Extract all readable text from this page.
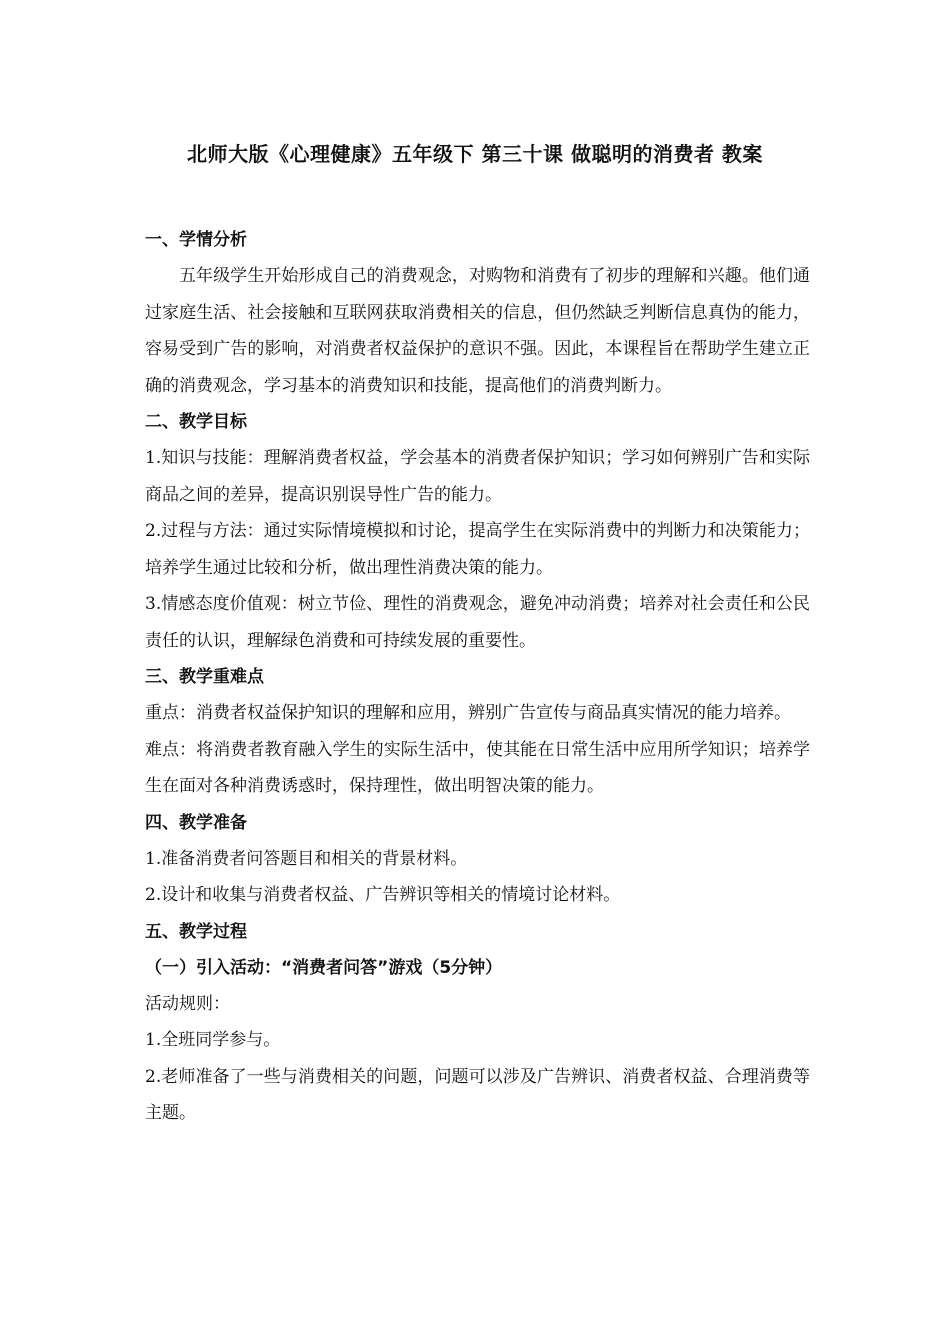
北师大版《心理健康》五年级下 第三十课 做聪明的消费者 教案

一、学情分析

五年级学生开始形成自己的消费观念，对购物和消费有了初步的理解和兴趣。他们通过家庭生活、社会接触和互联网获取消费相关的信息，但仍然缺乏判断信息真伪的能力，容易受到广告的影响，对消费者权益保护的意识不强。因此，本课程旨在帮助学生建立正确的消费观念，学习基本的消费知识和技能，提高他们的消费判断力。

二、教学目标

1.知识与技能：理解消费者权益，学会基本的消费者保护知识；学习如何辨别广告和实际商品之间的差异，提高识别误导性广告的能力。

2.过程与方法：通过实际情境模拟和讨论，提高学生在实际消费中的判断力和决策能力；培养学生通过比较和分析，做出理性消费决策的能力。

3.情感态度价值观：树立节俭、理性的消费观念，避免冲动消费；培养对社会责任和公民责任的认识，理解绿色消费和可持续发展的重要性。

三、教学重难点

重点：消费者权益保护知识的理解和应用，辨别广告宣传与商品真实情况的能力培养。

难点：将消费者教育融入学生的实际生活中，使其能在日常生活中应用所学知识；培养学生在面对各种消费诱惑时，保持理性，做出明智决策的能力。

四、教学准备

1.准备消费者问答题目和相关的背景材料。

2.设计和收集与消费者权益、广告辨识等相关的情境讨论材料。

五、教学过程

（一）引入活动：“消费者问答”游戏（5分钟）

活动规则：

1.全班同学参与。

2.老师准备了一些与消费相关的问题，问题可以涉及广告辨识、消费者权益、合理消费等主题。
